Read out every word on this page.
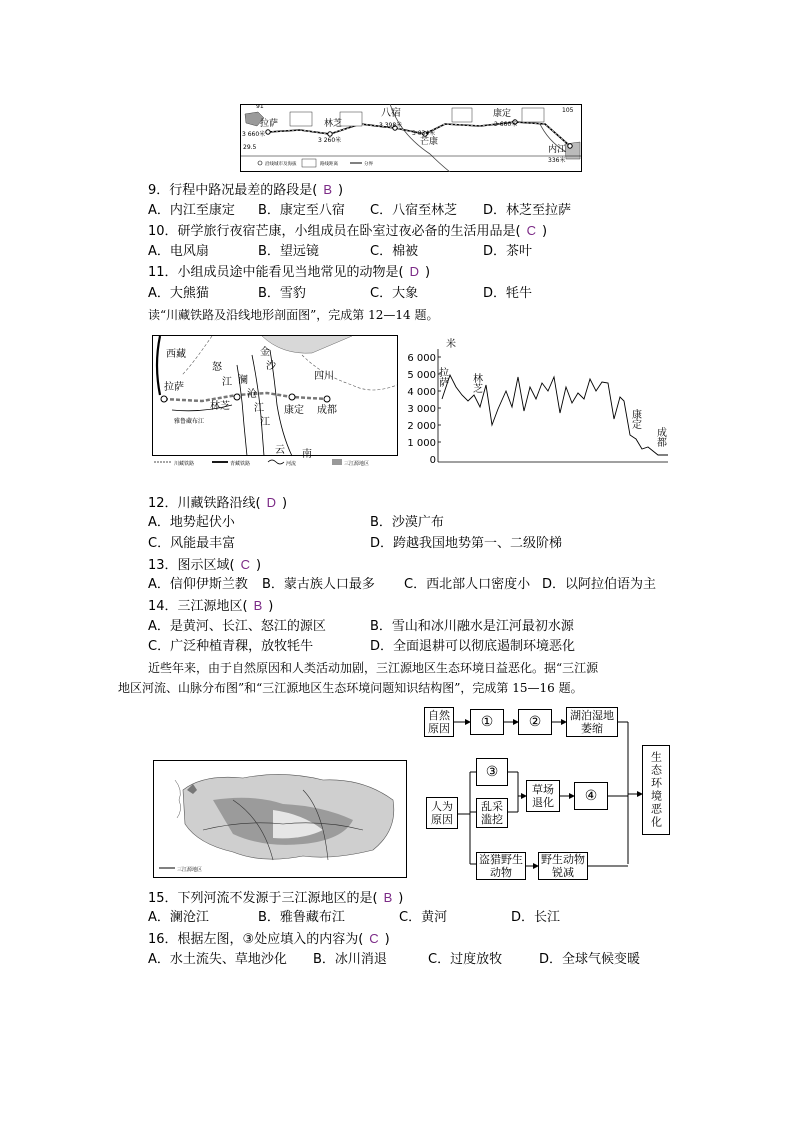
91
105
29.5
拉萨	林芝
八宿
芒康
康定
内江
3 660米
3 260米
3 398米
3 034米
2 660米
336米
沿线城市及海拔	路线距离	分界
9．行程中路况最差的路段是( B )
A．内江至康定 B．康定至八宿 C．八宿至林芝 D．林芝至拉萨
10．研学旅行夜宿芒康，小组成员在卧室过夜必备的生活用品是( C )
A．电风扇	B．望远镜	C．棉被	D．茶叶
11．小组成员途中能看见当地常见的动物是( D )
A．大熊猫	B．雪豹	C．大象	D．牦牛
读“川藏铁路及沿线地形剖面图”，完成第 12—14 题。
西藏
拉萨
林芝
怒
江 澜
沧
江
金
沙
江
四川
康定 成都
云 南
雅鲁藏布江
川藏铁路	青藏铁路	河流	三江源地区
米
6 000
5 000
4 000
3 000
2 000
1 000
0
拉萨 林芝
康定
成都
12．川藏铁路沿线( D )
A．地势起伏小	B．沙漠广布
C．风能最丰富	D．跨越我国地势第一、二级阶梯
13．图示区域( C )
A．信仰伊斯兰教 B．蒙古族人口最多 C．西北部人口密度小 D．以阿拉伯语为主
14．三江源地区( B )
A．是黄河、长江、怒江的源区	B．雪山和冰川融水是江河最初水源
C．广泛种植青稞，放牧牦牛	D．全面退耕可以彻底遏制环境恶化
近些年来，由于自然原因和人类活动加剧，三江源地区生态环境日益恶化。据“三江源
地区河流、山脉分布图”和“三江源地区生态环境问题知识结构图”，完成第 15—16 题。
三江源地区
自然原因	①	②	湖泊湿地萎缩
生态环境恶化
人为原因
③
乱采滥挖
草场退化	④
盗猎野生动物
野生动物锐减
15．下列河流不发源于三江源地区的是( B )
A．澜沧江	B．雅鲁藏布江	C．黄河	D．长江
16．根据左图，③处应填入的内容为( C )
A．水土流失、草地沙化 B．冰川消退	C．过度放牧	D．全球气候变暖
